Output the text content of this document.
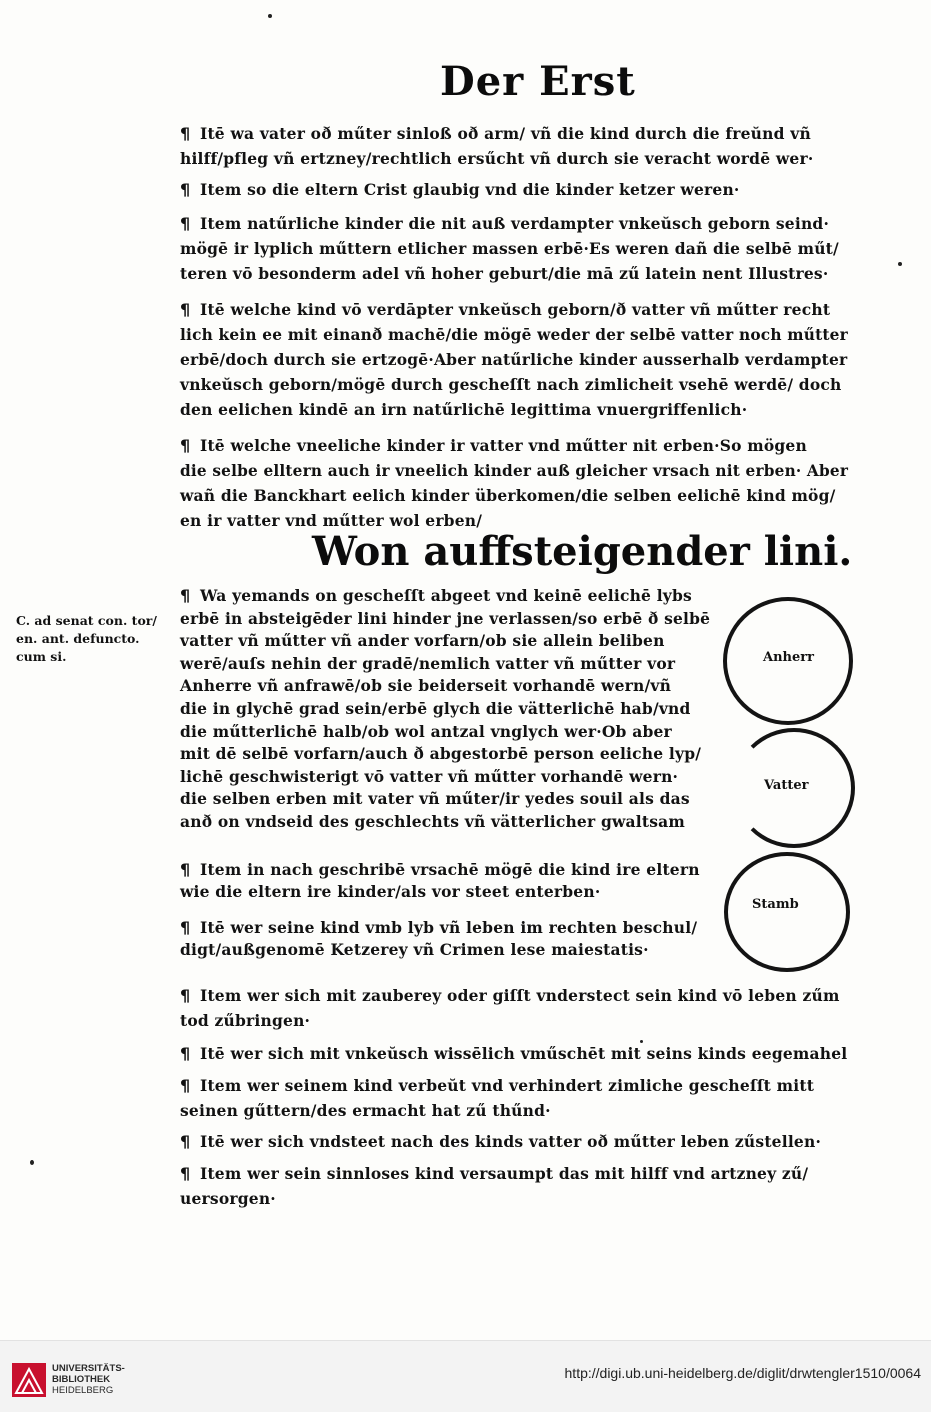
Der Erst
¶ Itē wa vater oð műter sinloß oð arm/ vñ die kind durch die freŭnd vñ
hilff/pfleg vñ ertzney/rechtlich ersűcht vñ durch sie veracht wordē wer·
¶ Item so die eltern Crist glaubig vnd die kinder ketzer weren·
¶ Item natűrliche kinder die nit auß verdampter vnkeŭsch geborn seind·
mögē ir lyplich műttern etlicher massen erbē·Es weren dañ die selbē műt/
teren vō besonderm adel vñ hoher geburt/die mā zű latein nent Illustres·
¶ Itē welche kind vō verdāpter vnkeŭsch geborn/ð vatter vñ műtter recht
lich kein ee mit einanð machē/die mögē weder der selbē vatter noch műtter
erbē/doch durch sie ertzogē·Aber natűrliche kinder ausserhalb verdampter
vnkeŭsch geborn/mögē durch gescheſſt nach zimlicheit vsehē werdē/ doch
den eelichen kindē an irn natűrlichē legittima vnuergriffenlich·
¶ Itē welche vneeliche kinder ir vatter vnd műtter nit erben·So mögen
die selbe elltern auch ir vneelich kinder auß gleicher vrsach nit erben· Aber
wañ die Banckhart eelich kinder überkomen/die selben eelichē kind mög/
en ir vatter vnd műtter wol erben/
Won auffsteigender lini.
C. ad senat con. tor/
en. ant. defuncto.
cum si.
¶ Wa yemands on gescheſſt abgeet vnd keinē eelichē lybs
erbē in absteigēder lini hinder jne verlassen/so erbē ð selbē
vatter vñ műtter vñ ander vorfarn/ob sie allein beliben
werē/auſs nehin der gradē/nemlich vatter vñ műtter vor
Anherre vñ anfrawē/ob sie beiderseit vorhandē wern/vñ
die in glychē grad sein/erbē glych die vätterlichē hab/vnd
die műtterlichē halb/ob wol antzal vnglych wer·Ob aber
mit dē selbē vorfarn/auch ð abgestorbē person eeliche lyp/
lichē geschwisterigt vō vatter vñ műtter vorhandē wern·
die selben erben mit vater vñ műter/ir yedes souil als das
anð on vndseid des geschlechts vñ vätterlicher gwaltsam
¶ Item in nach geschribē vrsachē mögē die kind ire eltern
wie die eltern ire kinder/als vor steet enterben·
¶ Itē wer seine kind vmb lyb vñ leben im rechten beschul/
digt/außgenomē Ketzerey vñ Crimen lese maiestatis·
Anherr
Vatter
Stamb
¶ Item wer sich mit zauberey oder giſſt vnderstect sein kind vō leben zűm
tod zűbringen·
¶ Itē wer sich mit vnkeŭsch wissēlich vműschēt mit seins kinds eegemahel
¶ Item wer seinem kind verbeŭt vnd verhindert zimliche gescheſſt mitt
seinen gűttern/des ermacht hat zű thűnd·
¶ Itē wer sich vndsteet nach des kinds vatter oð műtter leben zűstellen·
¶ Item wer sein sinnloses kind versaumpt das mit hilff vnd artzney zű/
uersorgen·
UNIVERSITÄTS-
BIBLIOTHEK
HEIDELBERG
http://digi.ub.uni-heidelberg.de/diglit/drwtengler1510/0064
